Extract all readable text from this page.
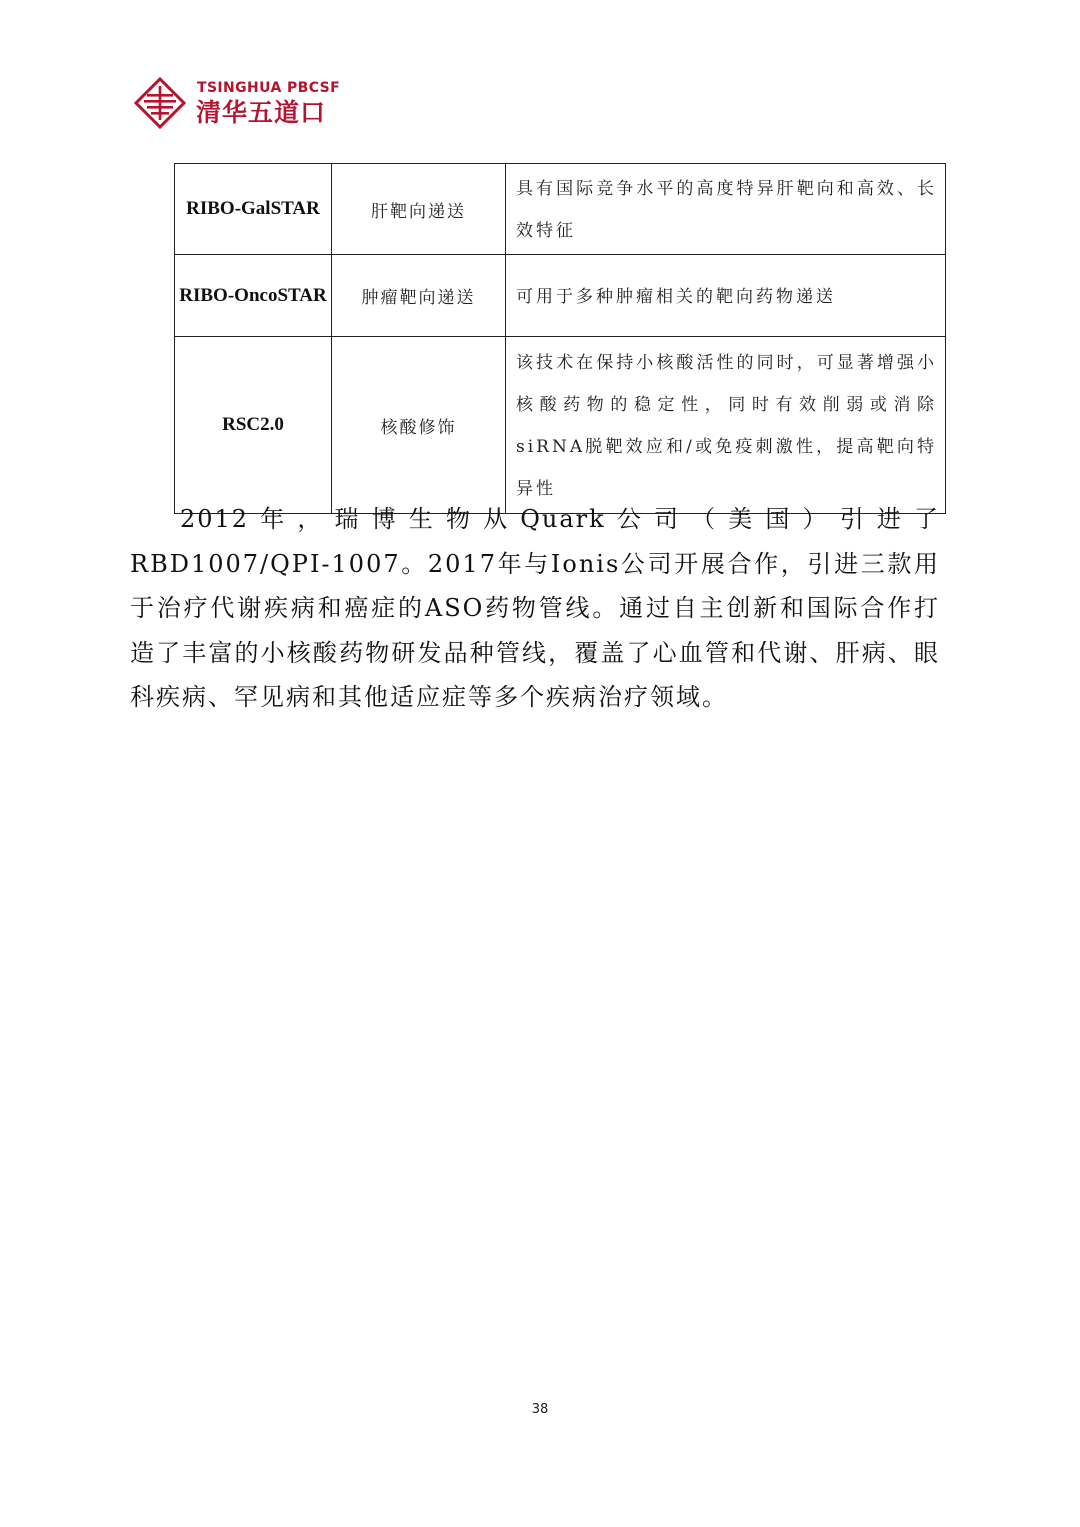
TSINGHUA PBCSF
清华五道口
RIBO-GalSTAR	肝靶向递送	具有国际竞争水平的高度特异肝靶向和高效、长效特征
RIBO-OncoSTAR	肿瘤靶向递送	可用于多种肿瘤相关的靶向药物递送
RSC2.0	核酸修饰	该技术在保持小核酸活性的同时，可显著增强小核酸药物的稳定性，同时有效削弱或消除siRNA脱靶效应和/或免疫刺激性，提高靶向特异性

2012年，瑞博生物从Quark公司（美国）引进了RBD1007/QPI-1007。2017年与Ionis公司开展合作，引进三款用于治疗代谢疾病和癌症的ASO药物管线。通过自主创新和国际合作打造了丰富的小核酸药物研发品种管线，覆盖了心血管和代谢、肝病、眼科疾病、罕见病和其他适应症等多个疾病治疗领域。

38
